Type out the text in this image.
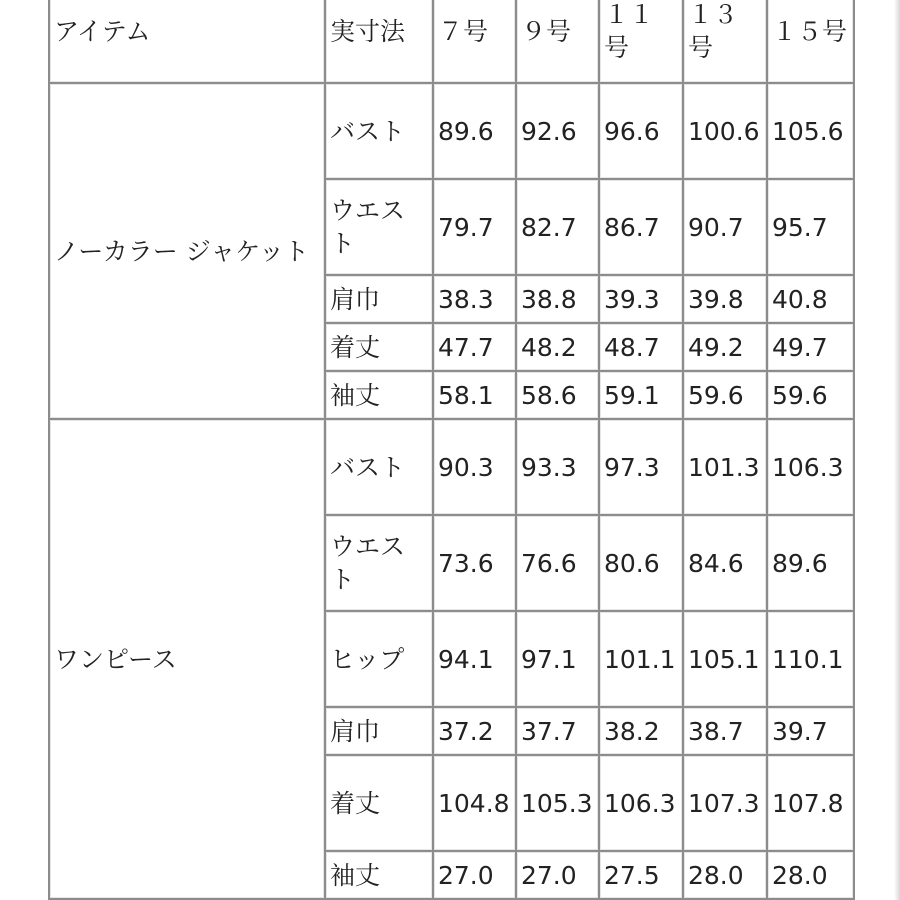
アイテム	実寸法	７号	９号	１１号	１３号	１５号
ノーカラー ジャケット	バスト	89.6	92.6	96.6	100.6	105.6
	ウエスト	79.7	82.7	86.7	90.7	95.7
	肩巾	38.3	38.8	39.3	39.8	40.8
	着丈	47.7	48.2	48.7	49.2	49.7
	袖丈	58.1	58.6	59.1	59.6	59.6
ワンピース	バスト	90.3	93.3	97.3	101.3	106.3
	ウエスト	73.6	76.6	80.6	84.6	89.6
	ヒップ	94.1	97.1	101.1	105.1	110.1
	肩巾	37.2	37.7	38.2	38.7	39.7
	着丈	104.8	105.3	106.3	107.3	107.8
	袖丈	27.0	27.0	27.5	28.0	28.0
